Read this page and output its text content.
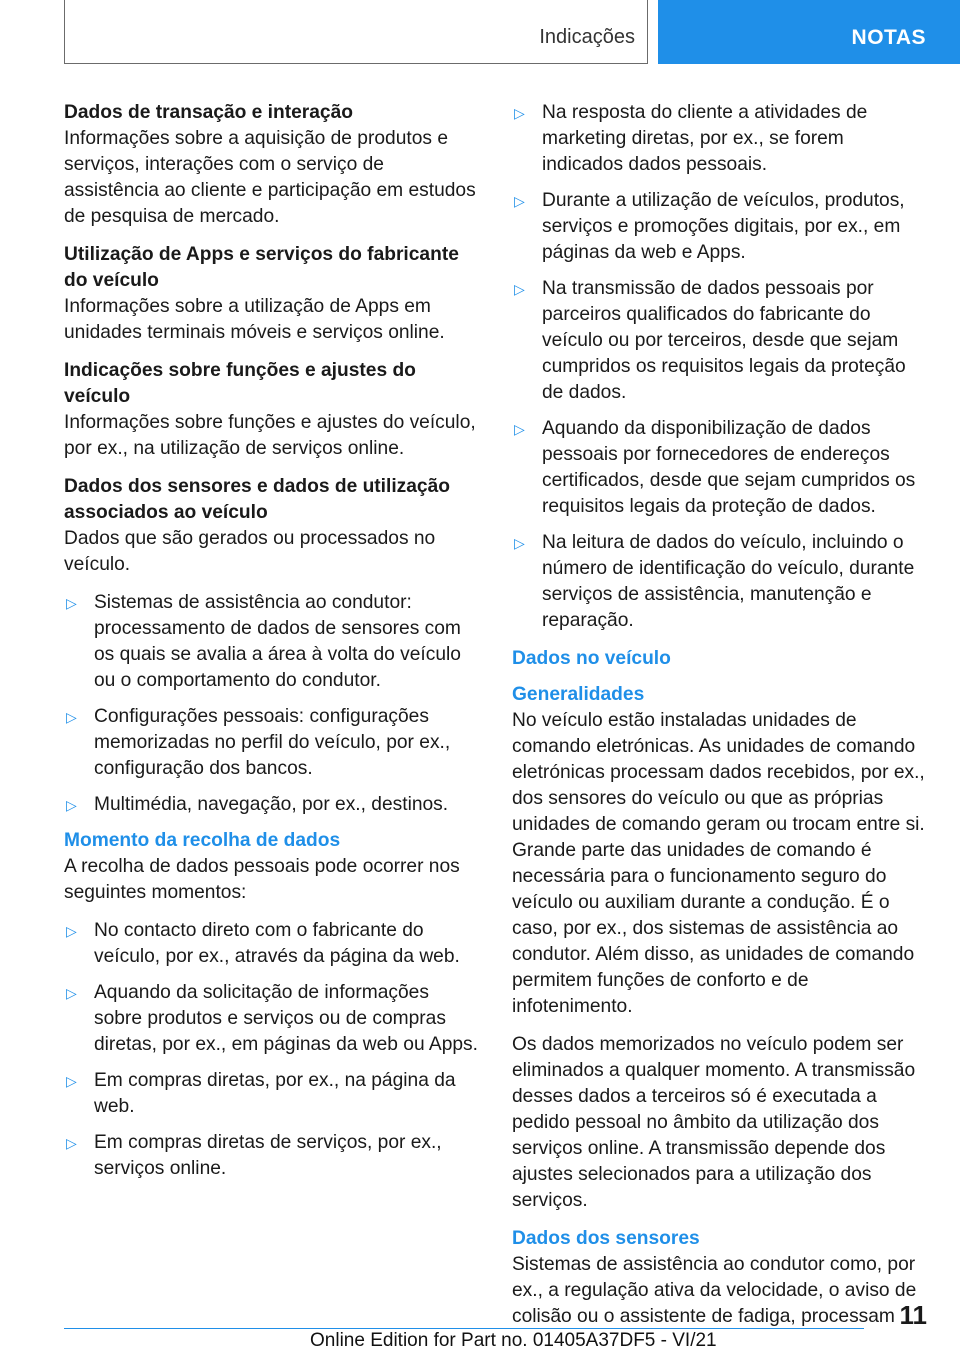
Indicações	NOTAS

Dados de transação e interação

Informações sobre a aquisição de produtos e serviços, interações com o serviço de assistência ao cliente e participação em estudos de pesquisa de mercado.

Utilização de Apps e serviços do fabricante do veículo

Informações sobre a utilização de Apps em unidades terminais móveis e serviços online.

Indicações sobre funções e ajustes do veículo

Informações sobre funções e ajustes do veículo, por ex., na utilização de serviços online.

Dados dos sensores e dados de utilização associados ao veículo

Dados que são gerados ou processados no veículo.

▷ Sistemas de assistência ao condutor: processamento de dados de sensores com os quais se avalia a área à volta do veículo ou o comportamento do condutor.
▷ Configurações pessoais: configurações memorizadas no perfil do veículo, por ex., configuração dos bancos.
▷ Multimédia, navegação, por ex., destinos.

Momento da recolha de dados

A recolha de dados pessoais pode ocorrer nos seguintes momentos:

▷ No contacto direto com o fabricante do veículo, por ex., através da página da web.
▷ Aquando da solicitação de informações sobre produtos e serviços ou de compras diretas, por ex., em páginas da web ou Apps.
▷ Em compras diretas, por ex., na página da web.
▷ Em compras diretas de serviços, por ex., serviços online.
▷ Na resposta do cliente a atividades de marketing diretas, por ex., se forem indicados dados pessoais.
▷ Durante a utilização de veículos, produtos, serviços e promoções digitais, por ex., em páginas da web e Apps.
▷ Na transmissão de dados pessoais por parceiros qualificados do fabricante do veículo ou por terceiros, desde que sejam cumpridos os requisitos legais da proteção de dados.
▷ Aquando da disponibilização de dados pessoais por fornecedores de endereços certificados, desde que sejam cumpridos os requisitos legais da proteção de dados.
▷ Na leitura de dados do veículo, incluindo o número de identificação do veículo, durante serviços de assistência, manutenção e reparação.

Dados no veículo

Generalidades

No veículo estão instaladas unidades de comando eletrónicas. As unidades de comando eletrónicas processam dados recebidos, por ex., dos sensores do veículo ou que as próprias unidades de comando geram ou trocam entre si. Grande parte das unidades de comando é necessária para o funcionamento seguro do veículo ou auxiliam durante a condução. É o caso, por ex., dos sistemas de assistência ao condutor. Além disso, as unidades de comando permitem funções de conforto e de infotenimento.

Os dados memorizados no veículo podem ser eliminados a qualquer momento. A transmissão desses dados a terceiros só é executada a pedido pessoal no âmbito da utilização dos serviços online. A transmissão depende dos ajustes selecionados para a utilização dos serviços.

Dados dos sensores

Sistemas de assistência ao condutor como, por ex., a regulação ativa da velocidade, o aviso de colisão ou o assistente de fadiga, processam 11
Online Edition for Part no. 01405A37DF5 - VI/21
